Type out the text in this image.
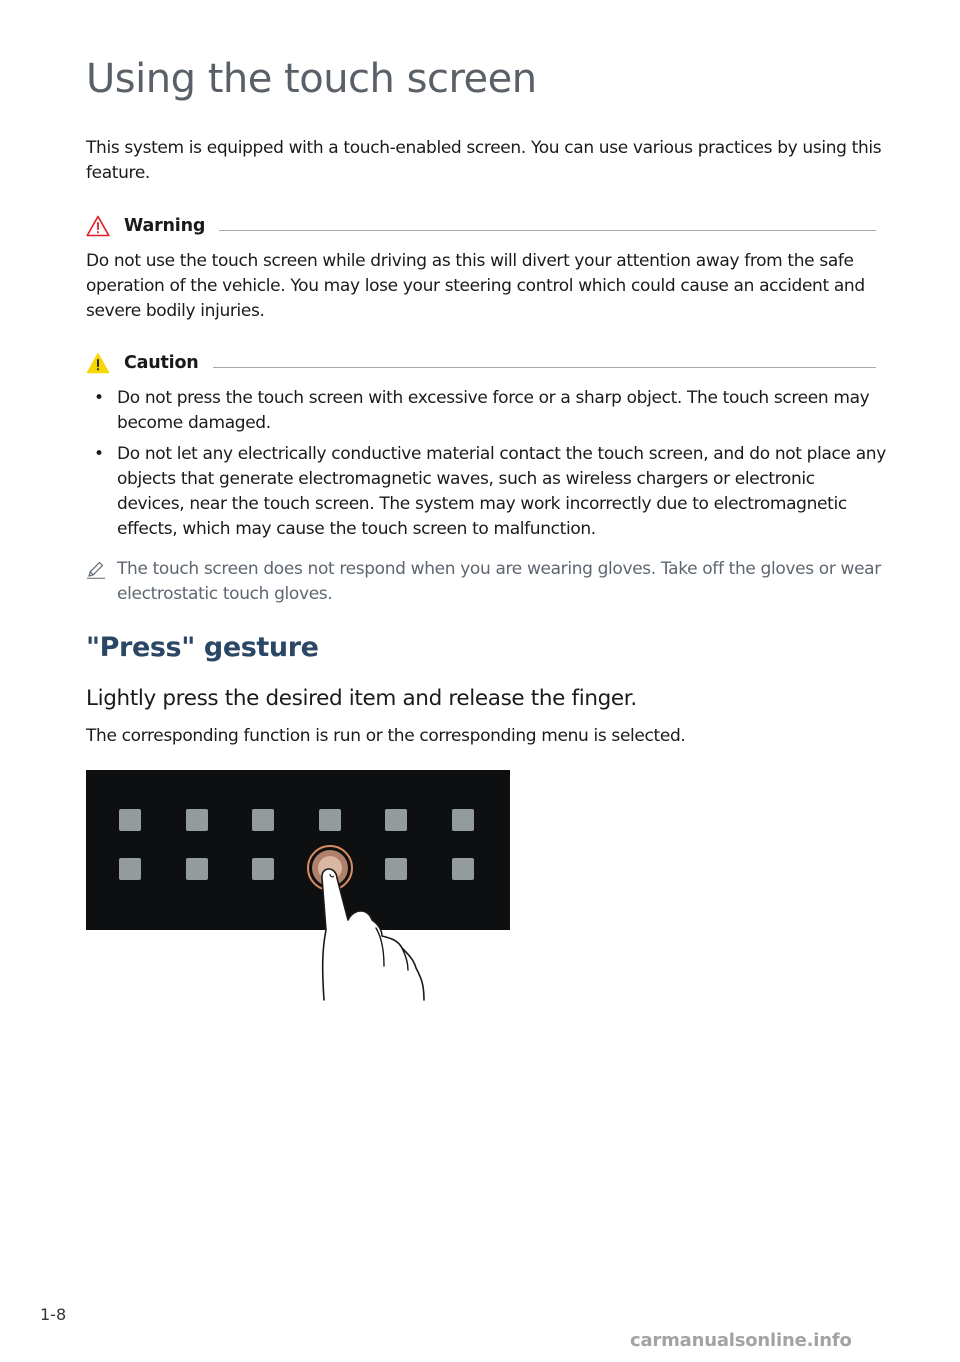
Using the touch screen
This system is equipped with a touch-enabled screen. You can use various practices by using this feature.
Warning
Do not use the touch screen while driving as this will divert your attention away from the safe operation of the vehicle. You may lose your steering control which could cause an accident and severe bodily injuries.
Caution
• Do not press the touch screen with excessive force or a sharp object. The touch screen may become damaged.
• Do not let any electrically conductive material contact the touch screen, and do not place any objects that generate electromagnetic waves, such as wireless chargers or electronic devices, near the touch screen. The system may work incorrectly due to electromagnetic effects, which may cause the touch screen to malfunction.
The touch screen does not respond when you are wearing gloves. Take off the gloves or wear electrostatic touch gloves.
"Press" gesture
Lightly press the desired item and release the finger.
The corresponding function is run or the corresponding menu is selected.
1-8
carmanualsonline.info
